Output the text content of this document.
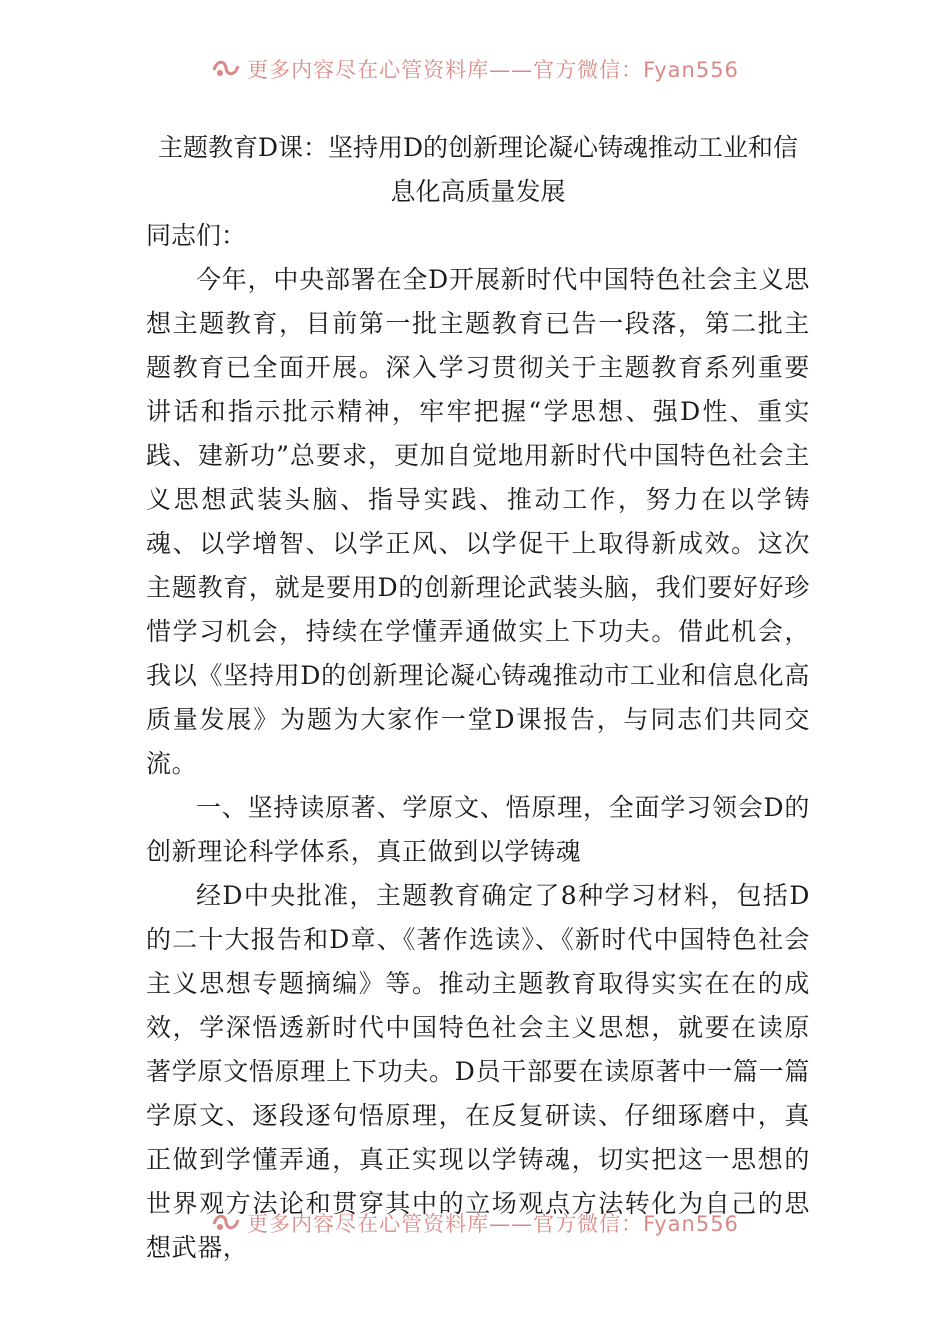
更多内容尽在心管资料库——官方微信：Fyan556
主题教育D课：坚持用D的创新理论凝心铸魂推动工业和信息化高质量发展

同志们：

今年，中央部署在全D开展新时代中国特色社会主义思想主题教育，目前第一批主题教育已告一段落，第二批主题教育已全面开展。深入学习贯彻关于主题教育系列重要讲话和指示批示精神，牢牢把握“学思想、强D性、重实践、建新功”总要求，更加自觉地用新时代中国特色社会主义思想武装头脑、指导实践、推动工作，努力在以学铸魂、以学增智、以学正风、以学促干上取得新成效。这次主题教育，就是要用D的创新理论武装头脑，我们要好好珍惜学习机会，持续在学懂弄通做实上下功夫。借此机会，我以《坚持用D的创新理论凝心铸魂推动市工业和信息化高质量发展》为题为大家作一堂D课报告，与同志们共同交流。

一、坚持读原著、学原文、悟原理，全面学习领会D的创新理论科学体系，真正做到以学铸魂

经D中央批准，主题教育确定了8种学习材料，包括D的二十大报告和D章、《著作选读》、《新时代中国特色社会主义思想专题摘编》等。推动主题教育取得实实在在的成效，学深悟透新时代中国特色社会主义思想，就要在读原著学原文悟原理上下功夫。D员干部要在读原著中一篇一篇学原文、逐段逐句悟原理，在反复研读、仔细琢磨中，真正做到学懂弄通，真正实现以学铸魂，切实把这一思想的世界观方法论和贯穿其中的立场观点方法转化为自己的思想武器，

更多内容尽在心管资料库——官方微信：Fyan556
